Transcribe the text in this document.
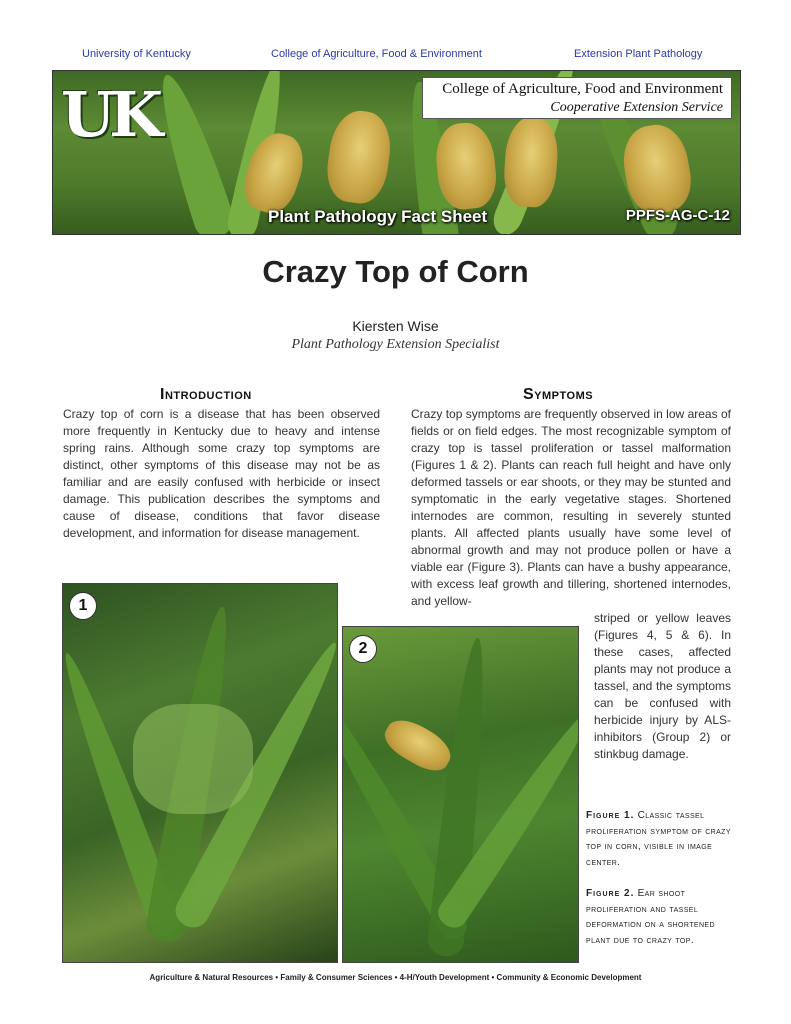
University of Kentucky	College of Agriculture, Food & Environment	Extension Plant Pathology
UK	College of Agriculture, Food and Environment
Cooperative Extension Service
Plant Pathology Fact Sheet	PPFS-AG-C-12
Crazy Top of Corn
Kiersten Wise
Plant Pathology Extension Specialist
Introduction
Crazy top of corn is a disease that has been observed more frequently in Kentucky due to heavy and intense spring rains. Although some crazy top symptoms are distinct, other symptoms of this disease may not be as familiar and are easily confused with herbicide or insect damage. This publication describes the symptoms and cause of disease, conditions that favor disease development, and information for disease management.
Symptoms
Crazy top symptoms are frequently observed in low areas of fields or on field edges. The most recognizable symptom of crazy top is tassel proliferation or tassel malformation (Figures 1 & 2). Plants can reach full height and have only deformed tassels or ear shoots, or they may be stunted and symptomatic in the early vegetative stages. Shortened internodes are common, resulting in severely stunted plants. All affected plants usually have some level of abnormal growth and may not produce pollen or have a viable ear (Figure 3). Plants can have a bushy appearance, with excess leaf growth and tillering, shortened internodes, and yellow-
striped or yellow leaves (Figures 4, 5 & 6). In these cases, affected plants may not produce a tassel, and the symptoms can be confused with herbicide injury by ALS-inhibitors (Group 2) or stinkbug damage.
1
2
Figure 1. Classic tassel proliferation symptom of crazy top in corn, visible in image center.
Figure 2. Ear shoot proliferation and tassel deformation on a shortened plant due to crazy top.
Agriculture & Natural Resources • Family & Consumer Sciences • 4-H/Youth Development • Community & Economic Development
